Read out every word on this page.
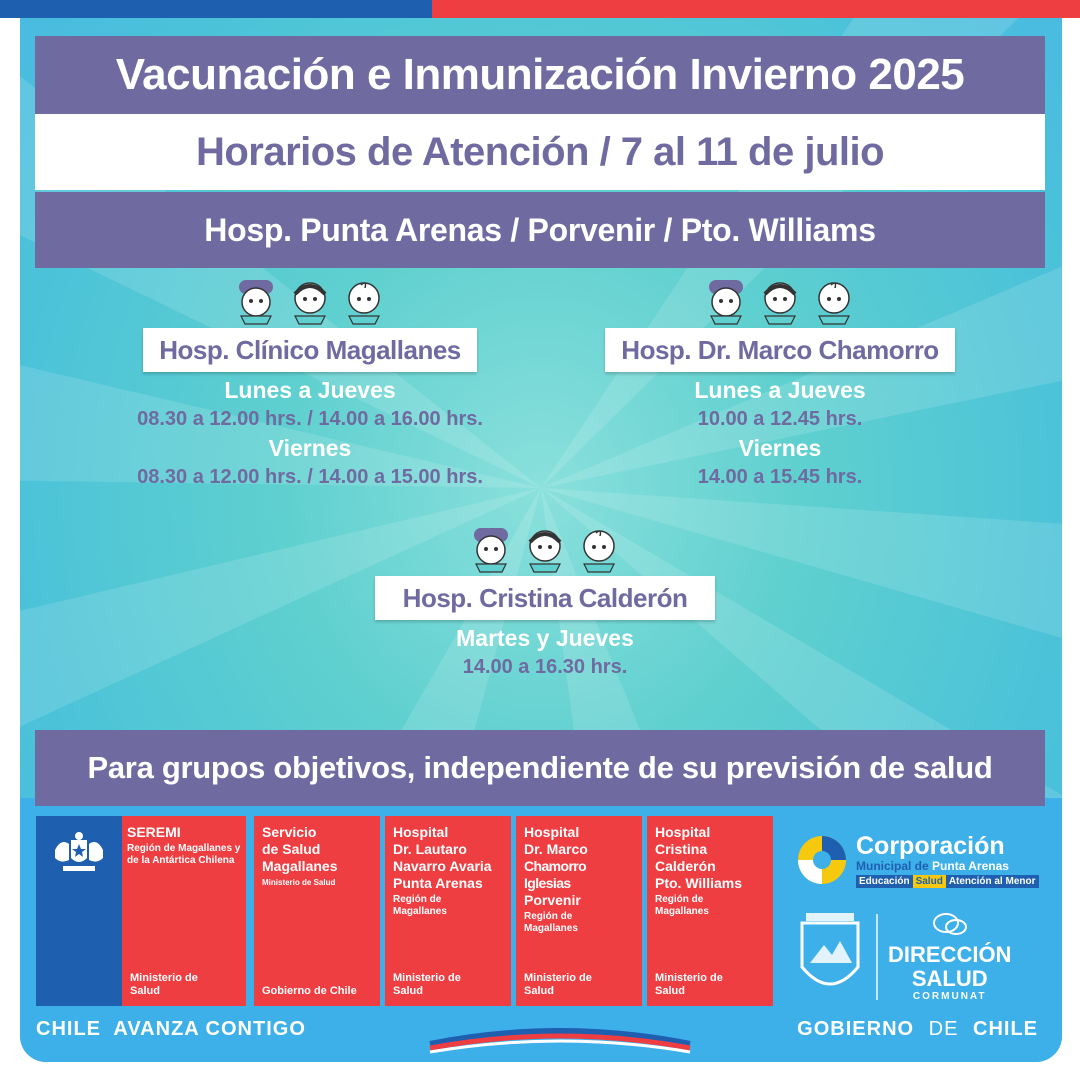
Vacunación e Inmunización Invierno 2025
Horarios de Atención / 7 al 11 de julio
Hosp. Punta Arenas / Porvenir / Pto. Williams
Hosp. Clínico Magallanes
Lunes a Jueves
08.30 a 12.00 hrs. / 14.00 a 16.00 hrs.
Viernes
08.30 a 12.00 hrs. / 14.00 a 15.00 hrs.
Hosp. Dr. Marco Chamorro
Lunes a Jueves
10.00 a 12.45 hrs.
Viernes
14.00 a 15.45 hrs.
Hosp. Cristina Calderón
Martes y Jueves
14.00 a 16.30 hrs.
Para grupos objetivos, independiente de su previsión de salud
SEREMI
Región de Magallanes y de la Antártica Chilena
Ministerio de Salud
Servicio
de Salud
Magallanes
Ministerio de Salud
Gobierno de Chile
Hospital
Dr. Lautaro
Navarro Avaria
Punta Arenas
Región de Magallanes
Ministerio de Salud
Hospital
Dr. Marco
Chamorro Iglesias
Porvenir
Región de Magallanes
Ministerio de Salud
Hospital
Cristina
Calderón
Pto. Williams
Región de Magallanes
Ministerio de Salud
Corporación
Municipal de Punta Arenas
Educación Salud Atención al Menor
DIRECCIÓN
SALUD
CORMUNAT
CHILE  AVANZA CONTIGO	GOBIERNO DE CHILE
